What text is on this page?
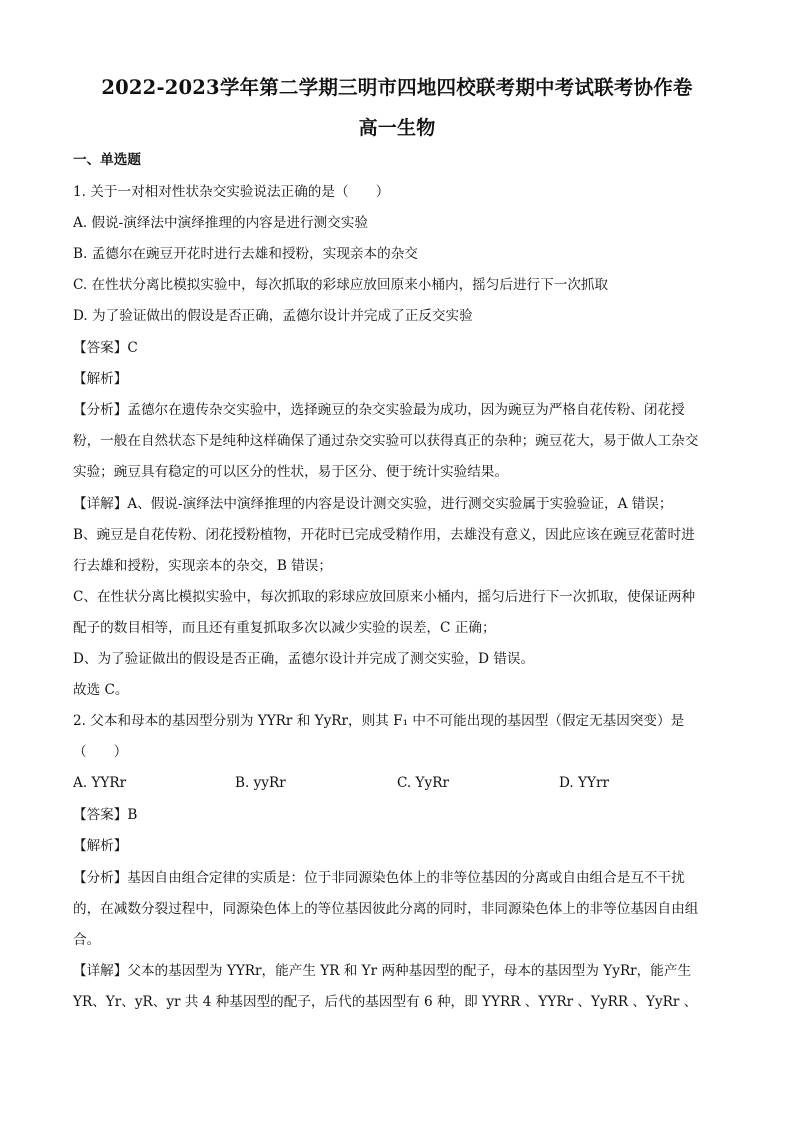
2022-2023学年第二学期三明市四地四校联考期中考试联考协作卷
高一生物
一、单选题
1. 关于一对相对性状杂交实验说法正确的是（　　）
A. 假说-演绎法中演绎推理的内容是进行测交实验
B. 孟德尔在豌豆开花时进行去雄和授粉，实现亲本的杂交
C. 在性状分离比模拟实验中，每次抓取的彩球应放回原来小桶内，摇匀后进行下一次抓取
D. 为了验证做出的假设是否正确，孟德尔设计并完成了正反交实验
【答案】C
【解析】
【分析】孟德尔在遗传杂交实验中，选择豌豆的杂交实验最为成功，因为豌豆为严格自花传粉、闭花授
粉，一般在自然状态下是纯种这样确保了通过杂交实验可以获得真正的杂种；豌豆花大，易于做人工杂交
实验；豌豆具有稳定的可以区分的性状，易于区分、便于统计实验结果。
【详解】A、假说-演绎法中演绎推理的内容是设计测交实验，进行测交实验属于实验验证，A 错误；
B、豌豆是自花传粉、闭花授粉植物，开花时已完成受精作用，去雄没有意义，因此应该在豌豆花蕾时进
行去雄和授粉，实现亲本的杂交，B 错误；
C、在性状分离比模拟实验中，每次抓取的彩球应放回原来小桶内，摇匀后进行下一次抓取，使保证两种
配子的数目相等，而且还有重复抓取多次以减少实验的误差，C 正确；
D、为了验证做出的假设是否正确，孟德尔设计并完成了测交实验，D 错误。
故选 C。
2. 父本和母本的基因型分别为 YYRr 和 YyRr，则其 F₁ 中不可能出现的基因型（假定无基因突变）是
（　　）
A. YYRr	B. yyRr	C. YyRr	D. YYrr
【答案】B
【解析】
【分析】基因自由组合定律的实质是：位于非同源染色体上的非等位基因的分离或自由组合是互不干扰
的，在减数分裂过程中，同源染色体上的等位基因彼此分离的同时，非同源染色体上的非等位基因自由组
合。
【详解】父本的基因型为 YYRr，能产生 YR 和 Yr 两种基因型的配子，母本的基因型为 YyRr，能产生
YR、Yr、yR、yr 共 4 种基因型的配子，后代的基因型有 6 种，即 YYRR 、YYRr 、YyRR 、YyRr 、
